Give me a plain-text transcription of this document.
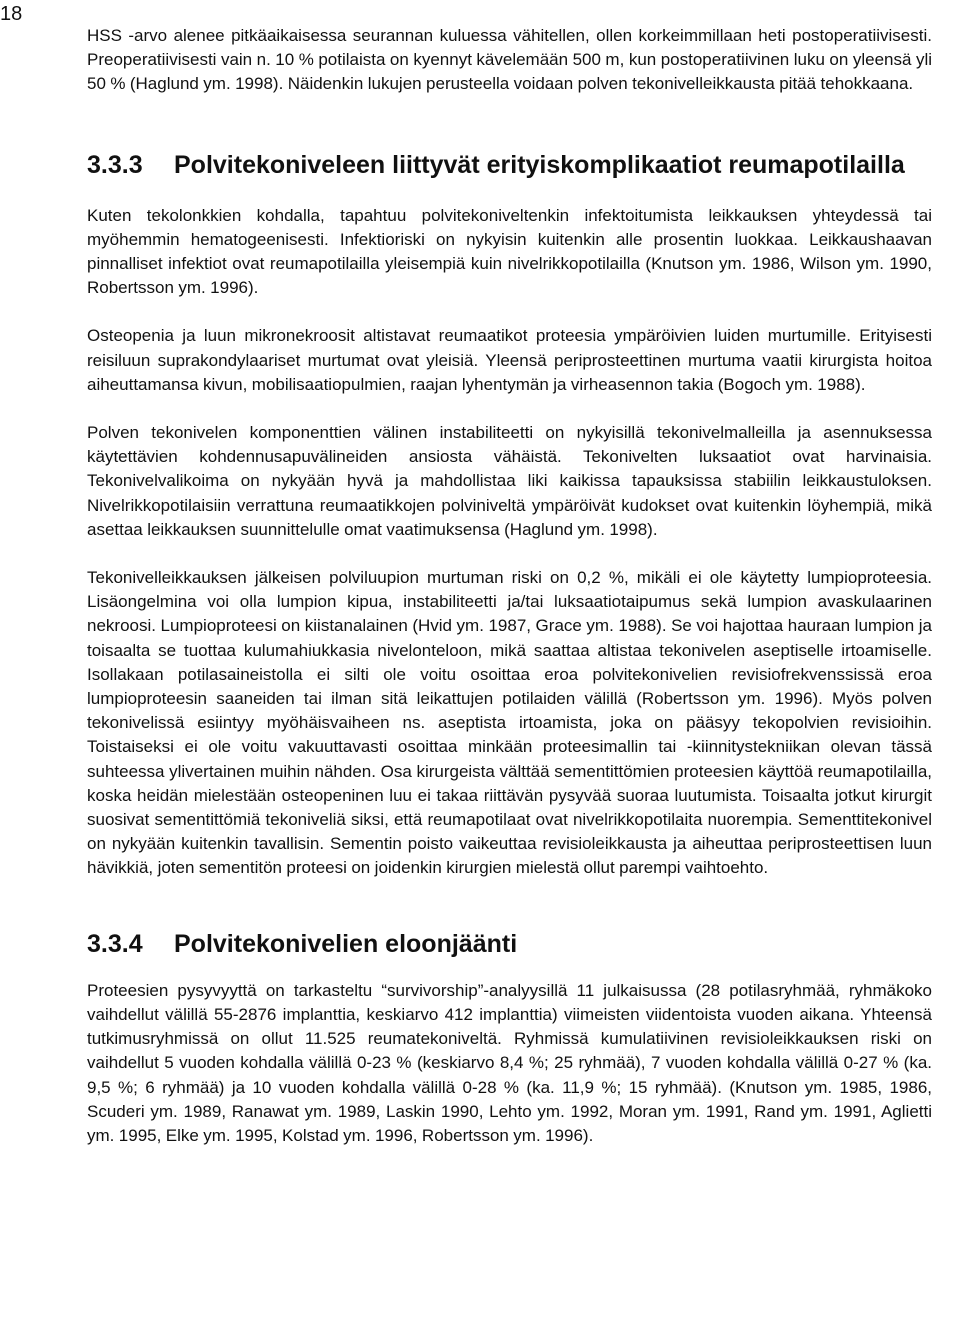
18

HSS -arvo alenee pitkäaikaisessa seurannan kuluessa vähitellen, ollen korkeimmillaan heti postoperatiivisesti. Preoperatiivisesti vain n. 10 % potilaista on kyennyt kävelemään 500 m, kun postoperatiivinen luku on yleensä yli 50 % (Haglund ym. 1998). Näidenkin lukujen perusteella voidaan polven tekonivelleikkausta pitää tehokkaana.

3.3.3	Polvitekoniveleen liittyvät erityiskomplikaatiot reumapotilailla

Kuten tekolonkkien kohdalla, tapahtuu polvitekoniveltenkin infektoitumista leikkauksen yhteydessä tai myöhemmin hematogeenisesti. Infektioriski on nykyisin kuitenkin alle prosentin luokkaa. Leikkaushaavan pinnalliset infektiot ovat reumapotilailla yleisempiä kuin nivelrikkopotilailla (Knutson ym. 1986, Wilson ym. 1990, Robertsson ym. 1996).

Osteopenia ja luun mikronekroosit altistavat reumaatikot proteesia ympäröivien luiden murtumille. Erityisesti reisiluun suprakondylaariset murtumat ovat yleisiä. Yleensä periprosteettinen murtuma vaatii kirurgista hoitoa aiheuttamansa kivun, mobilisaatiopulmien, raajan lyhentymän ja virheasennon takia (Bogoch ym. 1988).

Polven tekonivelen komponenttien välinen instabiliteetti on nykyisillä tekonivelmalleilla ja asennuksessa käytettävien kohdennusapuvälineiden ansiosta vähäistä. Tekonivelten luksaatiot ovat harvinaisia. Tekonivelvalikoima on nykyään hyvä ja mahdollistaa liki kaikissa tapauksissa stabiilin leikkaustuloksen. Nivelrikkopotilaisiin verrattuna reumaatikkojen polviniveltä ympäröivät kudokset ovat kuitenkin löyhempiä, mikä asettaa leikkauksen suunnittelulle omat vaatimuksensa (Haglund ym. 1998).

Tekonivelleikkauksen jälkeisen polviluupion murtuman riski on 0,2 %, mikäli ei ole käytetty lumpioproteesia. Lisäongelmina voi olla lumpion kipua, instabiliteetti ja/tai luksaatiotaipumus sekä lumpion avaskulaarinen nekroosi. Lumpioproteesi on kiistanalainen (Hvid ym. 1987, Grace ym. 1988). Se voi hajottaa hauraan lumpion ja toisaalta se tuottaa kulumahiukkasia nivelonteloon, mikä saattaa altistaa tekonivelen aseptiselle irtoamiselle. Isollakaan potilasaineistolla ei silti ole voitu osoittaa eroa polvitekonivelien revisiofrekvenssissä eroa lumpioproteesin saaneiden tai ilman sitä leikattujen potilaiden välillä (Robertsson ym. 1996). Myös polven tekonivelissä esiintyy myöhäisvaiheen ns. aseptista irtoamista, joka on pääsyy tekopolvien revisioihin. Toistaiseksi ei ole voitu vakuuttavasti osoittaa minkään proteesimallin tai -kiinnitystekniikan olevan tässä suhteessa ylivertainen muihin nähden. Osa kirurgeista välttää sementittömien proteesien käyttöä reumapotilailla, koska heidän mielestään osteopeninen luu ei takaa riittävän pysyvää suoraa luutumista. Toisaalta jotkut kirurgit suosivat sementittömiä tekoniveliä siksi, että reumapotilaat ovat nivelrikkopotilaita nuorempia. Sementtitekonivel on nykyään kuitenkin tavallisin. Sementin poisto vaikeuttaa revisioleikkausta ja aiheuttaa periprosteettisen luun hävikkiä, joten sementitön proteesi on joidenkin kirurgien mielestä ollut parempi vaihtoehto.

3.3.4	Polvitekonivelien eloonjäänti

Proteesien pysyvyyttä on tarkasteltu “survivorship”-analyysillä 11 julkaisussa (28 potilasryhmää, ryhmäkoko vaihdellut välillä 55-2876 implanttia, keskiarvo 412 implanttia) viimeisten viidentoista vuoden aikana. Yhteensä tutkimusryhmissä on ollut 11.525 reumatekoniveltä. Ryhmissä kumulatiivinen revisioleikkauksen riski on vaihdellut 5 vuoden kohdalla välillä 0-23 % (keskiarvo 8,4 %; 25 ryhmää), 7 vuoden kohdalla välillä 0-27 % (ka. 9,5 %; 6 ryhmää) ja 10 vuoden kohdalla välillä 0-28 % (ka. 11,9 %; 15 ryhmää). (Knutson ym. 1985, 1986, Scuderi ym. 1989, Ranawat ym. 1989, Laskin 1990, Lehto ym. 1992, Moran ym. 1991, Rand ym. 1991, Aglietti ym. 1995, Elke ym. 1995, Kolstad ym. 1996, Robertsson ym. 1996).
